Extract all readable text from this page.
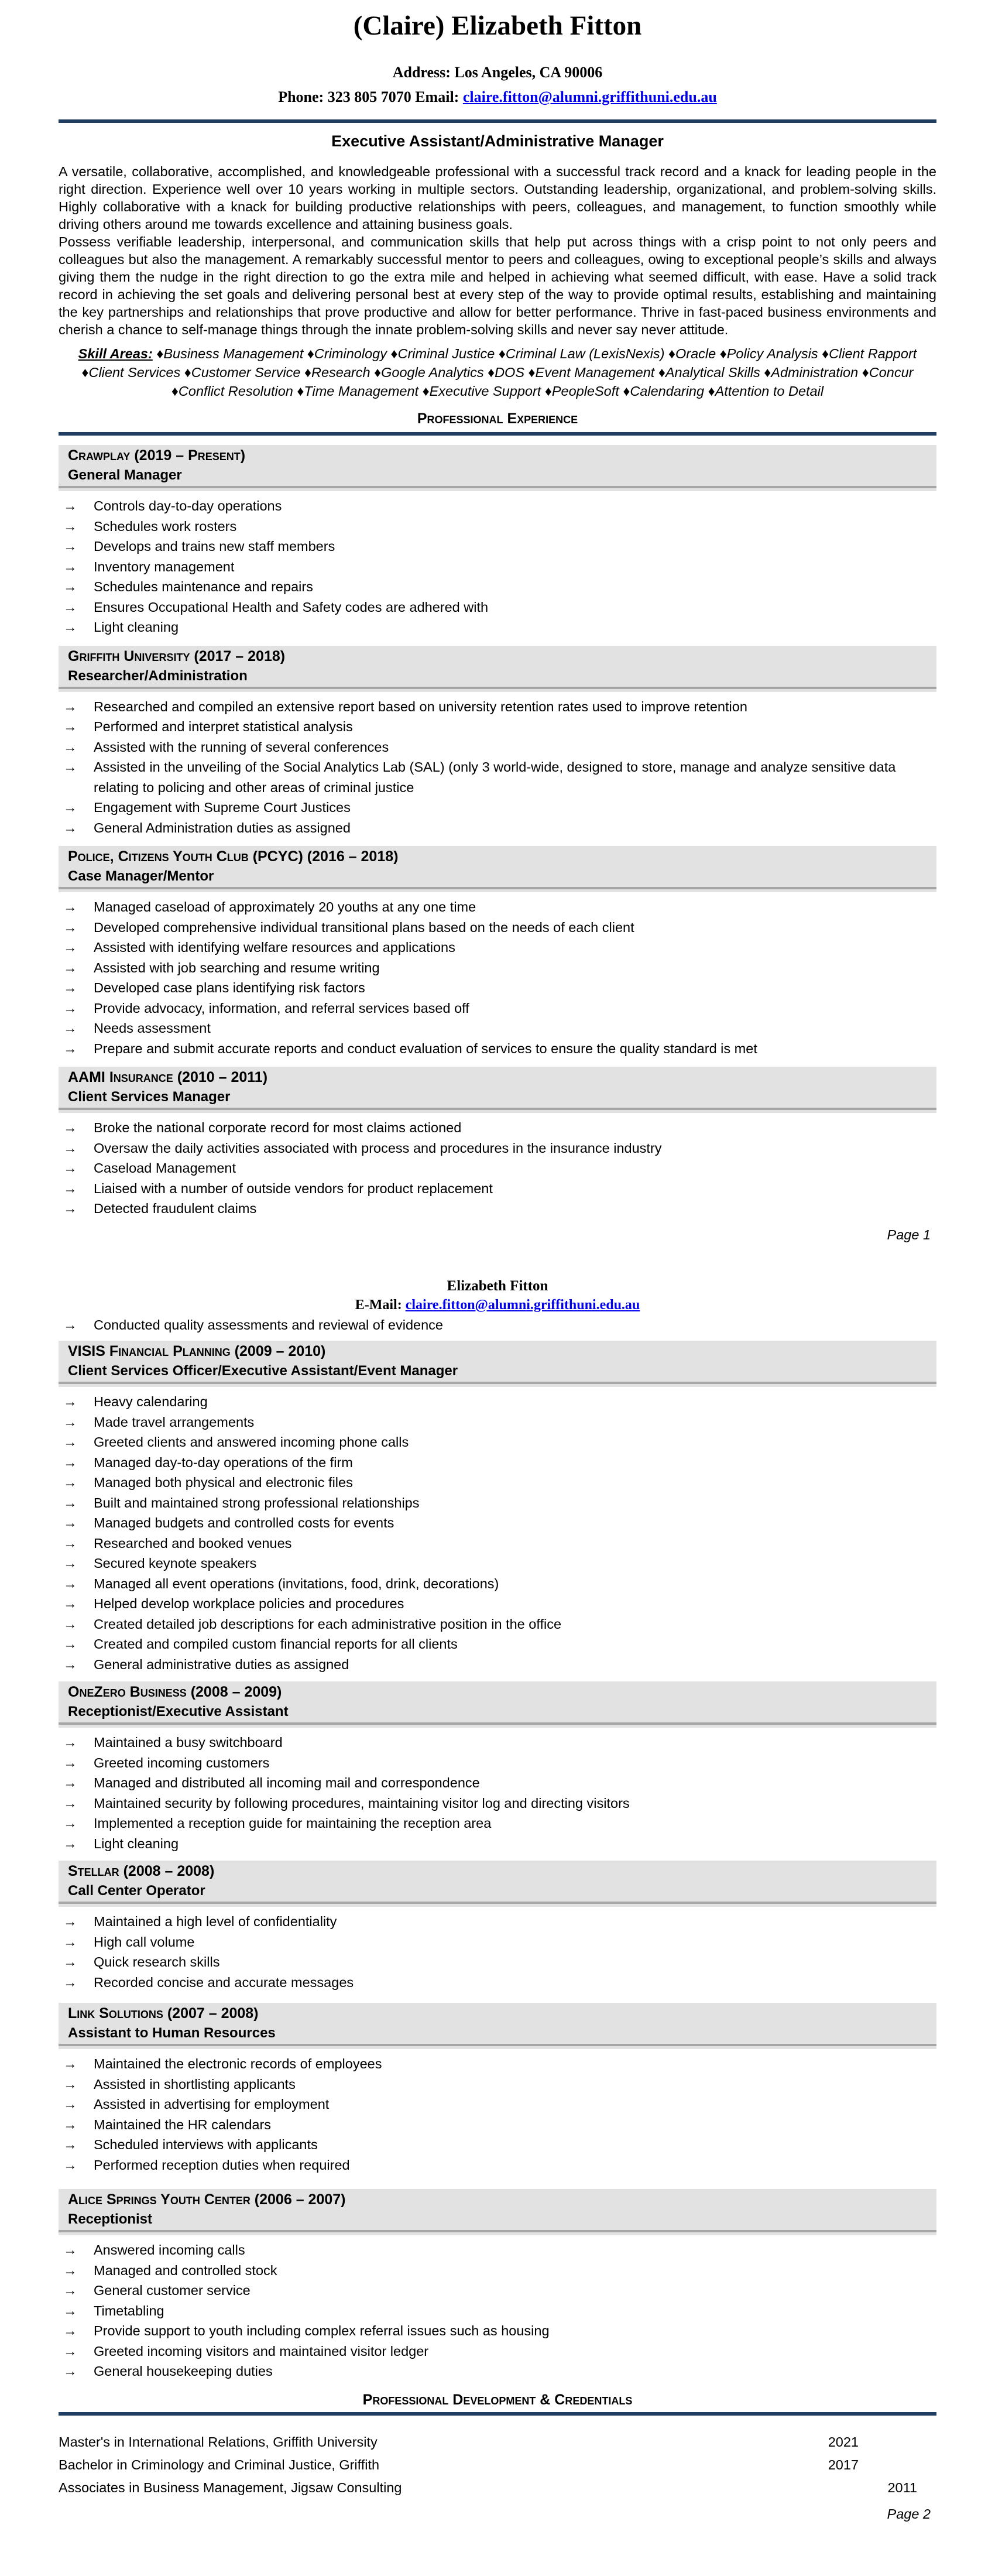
(Claire) Elizabeth Fitton
Address: Los Angeles, CA 90006
Phone: 323 805 7070 Email: claire.fitton@alumni.griffithuni.edu.au
Executive Assistant/Administrative Manager

A versatile, collaborative, accomplished, and knowledgeable professional with a successful track record and a knack for leading people in the right direction. Experience well over 10 years working in multiple sectors. Outstanding leadership, organizational, and problem-solving skills. Highly collaborative with a knack for building productive relationships with peers, colleagues, and management, to function smoothly while driving others around me towards excellence and attaining business goals.

Possess verifiable leadership, interpersonal, and communication skills that help put across things with a crisp point to not only peers and colleagues but also the management. A remarkably successful mentor to peers and colleagues, owing to exceptional people’s skills and always giving them the nudge in the right direction to go the extra mile and helped in achieving what seemed difficult, with ease. Have a solid track record in achieving the set goals and delivering personal best at every step of the way to provide optimal results, establishing and maintaining the key partnerships and relationships that prove productive and allow for better performance. Thrive in fast-paced business environments and cherish a chance to self-manage things through the innate problem-solving skills and never say never attitude.

Skill Areas: ♦Business Management ♦Criminology ♦Criminal Justice ♦Criminal Law (LexisNexis) ♦Oracle ♦Policy Analysis ♦Client Rapport ♦Client Services ♦Customer Service ♦Research ♦Google Analytics ♦DOS ♦Event Management ♦Analytical Skills ♦Administration ♦Concur ♦Conflict Resolution ♦Time Management ♦Executive Support ♦PeopleSoft ♦Calendaring ♦Attention to Detail
Professional Experience
Crawplay (2019 – Present)
General Manager
→ Controls day-to-day operations
→ Schedules work rosters
→ Develops and trains new staff members
→ Inventory management
→ Schedules maintenance and repairs
→ Ensures Occupational Health and Safety codes are adhered with
→ Light cleaning
Griffith University (2017 – 2018)
Researcher/Administration
→ Researched and compiled an extensive report based on university retention rates used to improve retention
→ Performed and interpret statistical analysis
→ Assisted with the running of several conferences
→ Assisted in the unveiling of the Social Analytics Lab (SAL) (only 3 world-wide, designed to store, manage and analyze sensitive data relating to policing and other areas of criminal justice
→ Engagement with Supreme Court Justices
→ General Administration duties as assigned
Police, Citizens Youth Club (PCYC) (2016 – 2018)
Case Manager/Mentor
→ Managed caseload of approximately 20 youths at any one time
→ Developed comprehensive individual transitional plans based on the needs of each client
→ Assisted with identifying welfare resources and applications
→ Assisted with job searching and resume writing
→ Developed case plans identifying risk factors
→ Provide advocacy, information, and referral services based off
→ Needs assessment
→ Prepare and submit accurate reports and conduct evaluation of services to ensure the quality standard is met
AAMI Insurance (2010 – 2011)
Client Services Manager
→ Broke the national corporate record for most claims actioned
→ Oversaw the daily activities associated with process and procedures in the insurance industry
→ Caseload Management
→ Liaised with a number of outside vendors for product replacement
→ Detected fraudulent claims
Page 1
Elizabeth Fitton
E-Mail: claire.fitton@alumni.griffithuni.edu.au
→ Conducted quality assessments and reviewal of evidence
VISIS Financial Planning (2009 – 2010)
Client Services Officer/Executive Assistant/Event Manager
→ Heavy calendaring
→ Made travel arrangements
→ Greeted clients and answered incoming phone calls
→ Managed day-to-day operations of the firm
→ Managed both physical and electronic files
→ Built and maintained strong professional relationships
→ Managed budgets and controlled costs for events
→ Researched and booked venues
→ Secured keynote speakers
→ Managed all event operations (invitations, food, drink, decorations)
→ Helped develop workplace policies and procedures
→ Created detailed job descriptions for each administrative position in the office
→ Created and compiled custom financial reports for all clients
→ General administrative duties as assigned
OneZero Business (2008 – 2009)
Receptionist/Executive Assistant
→ Maintained a busy switchboard
→ Greeted incoming customers
→ Managed and distributed all incoming mail and correspondence
→ Maintained security by following procedures, maintaining visitor log and directing visitors
→ Implemented a reception guide for maintaining the reception area
→ Light cleaning
Stellar (2008 – 2008)
Call Center Operator
→ Maintained a high level of confidentiality
→ High call volume
→ Quick research skills
→ Recorded concise and accurate messages
Link Solutions (2007 – 2008)
Assistant to Human Resources
→ Maintained the electronic records of employees
→ Assisted in shortlisting applicants
→ Assisted in advertising for employment
→ Maintained the HR calendars
→ Scheduled interviews with applicants
→ Performed reception duties when required
Alice Springs Youth Center (2006 – 2007)
Receptionist
→ Answered incoming calls
→ Managed and controlled stock
→ General customer service
→ Timetabling
→ Provide support to youth including complex referral issues such as housing
→ Greeted incoming visitors and maintained visitor ledger
→ General housekeeping duties
Professional Development & Credentials
Master's in International Relations, Griffith University	2021
Bachelor in Criminology and Criminal Justice, Griffith	2017
Associates in Business Management, Jigsaw Consulting	2011
Page 2
